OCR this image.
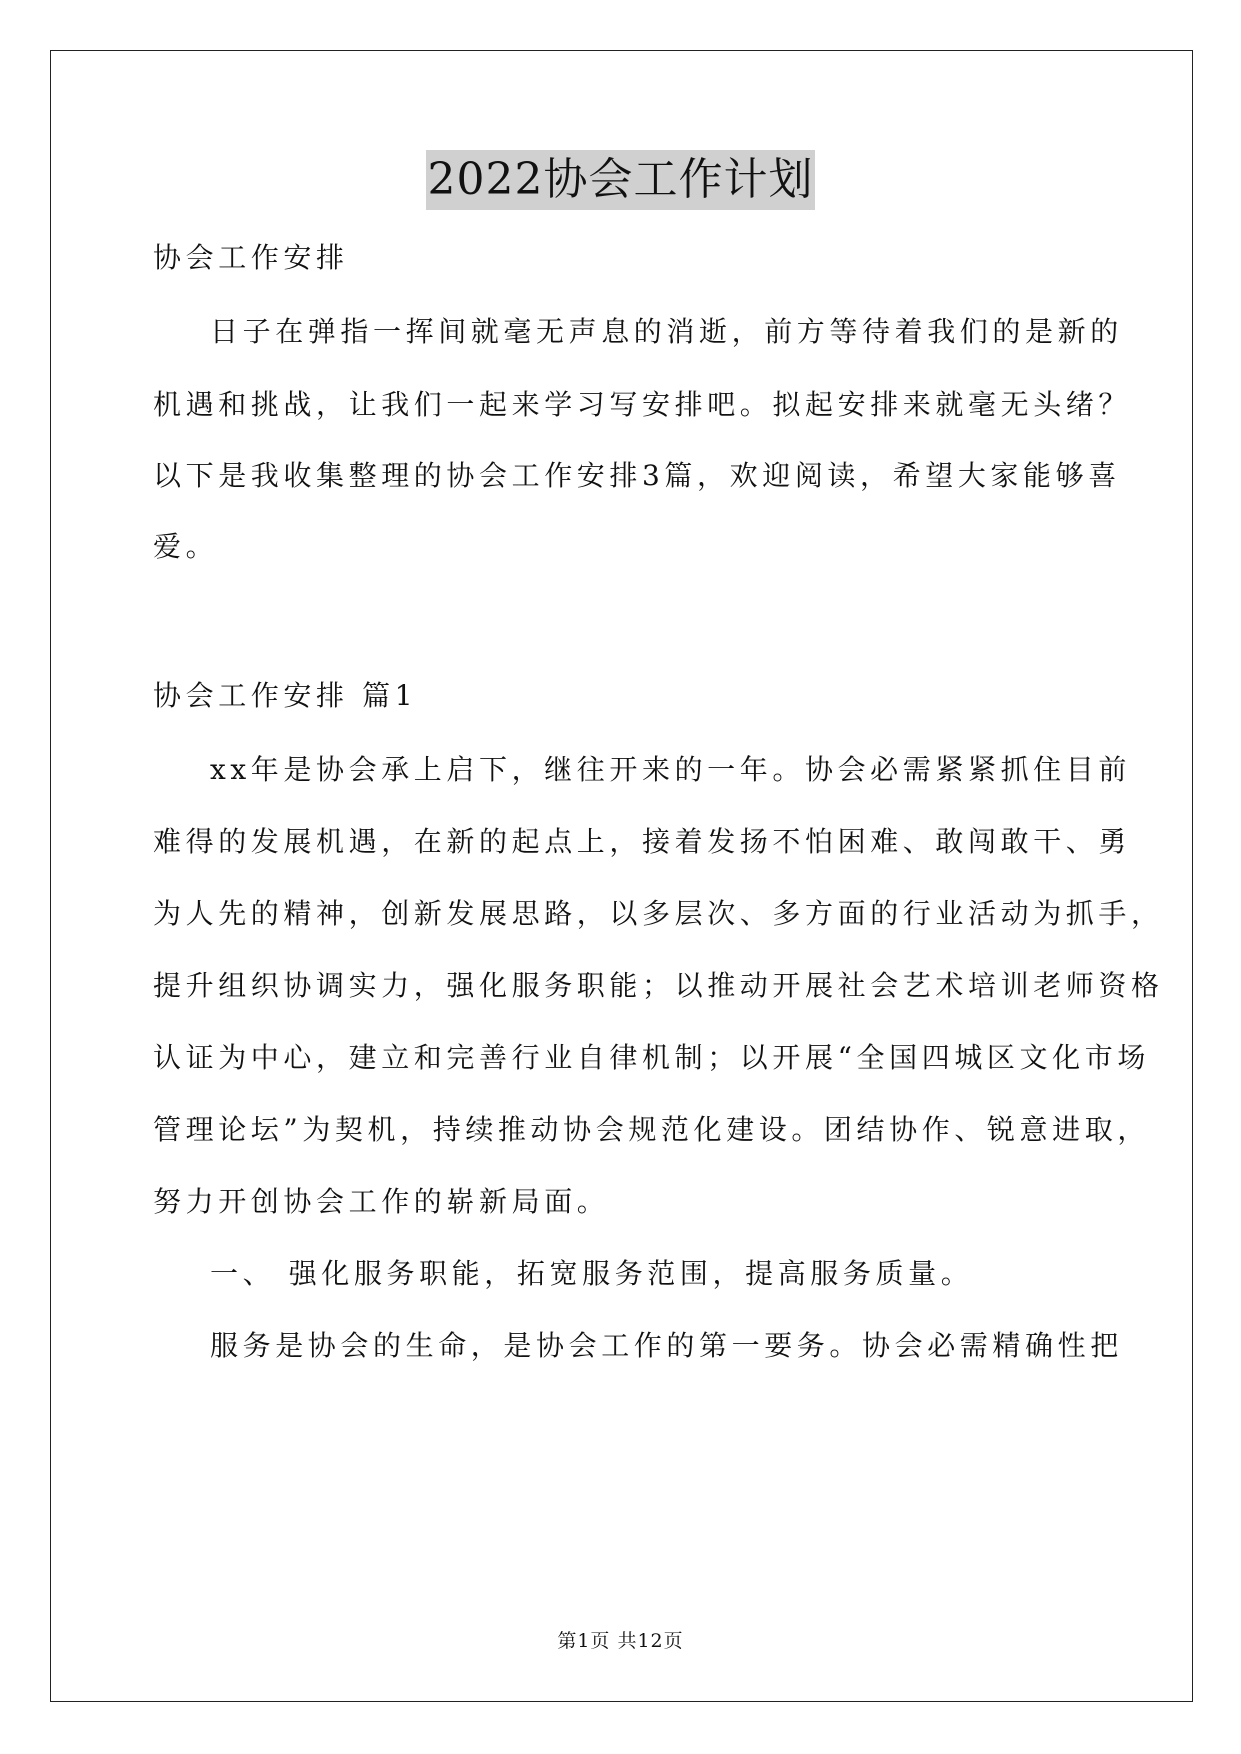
2022协会工作计划
协会工作安排
日子在弹指一挥间就毫无声息的消逝，前方等待着我们的是新的
机遇和挑战，让我们一起来学习写安排吧。拟起安排来就毫无头绪？
以下是我收集整理的协会工作安排3篇，欢迎阅读，希望大家能够喜
爱。
协会工作安排 篇1
xx年是协会承上启下，继往开来的一年。协会必需紧紧抓住目前
难得的发展机遇，在新的起点上，接着发扬不怕困难、敢闯敢干、勇
为人先的精神，创新发展思路，以多层次、多方面的行业活动为抓手，
提升组织协调实力，强化服务职能；以推动开展社会艺术培训老师资格
认证为中心，建立和完善行业自律机制；以开展“全国四城区文化市场
管理论坛”为契机，持续推动协会规范化建设。团结协作、锐意进取，
努力开创协会工作的崭新局面。
一、 强化服务职能，拓宽服务范围，提高服务质量。
服务是协会的生命，是协会工作的第一要务。协会必需精确性把
第1页 共12页
